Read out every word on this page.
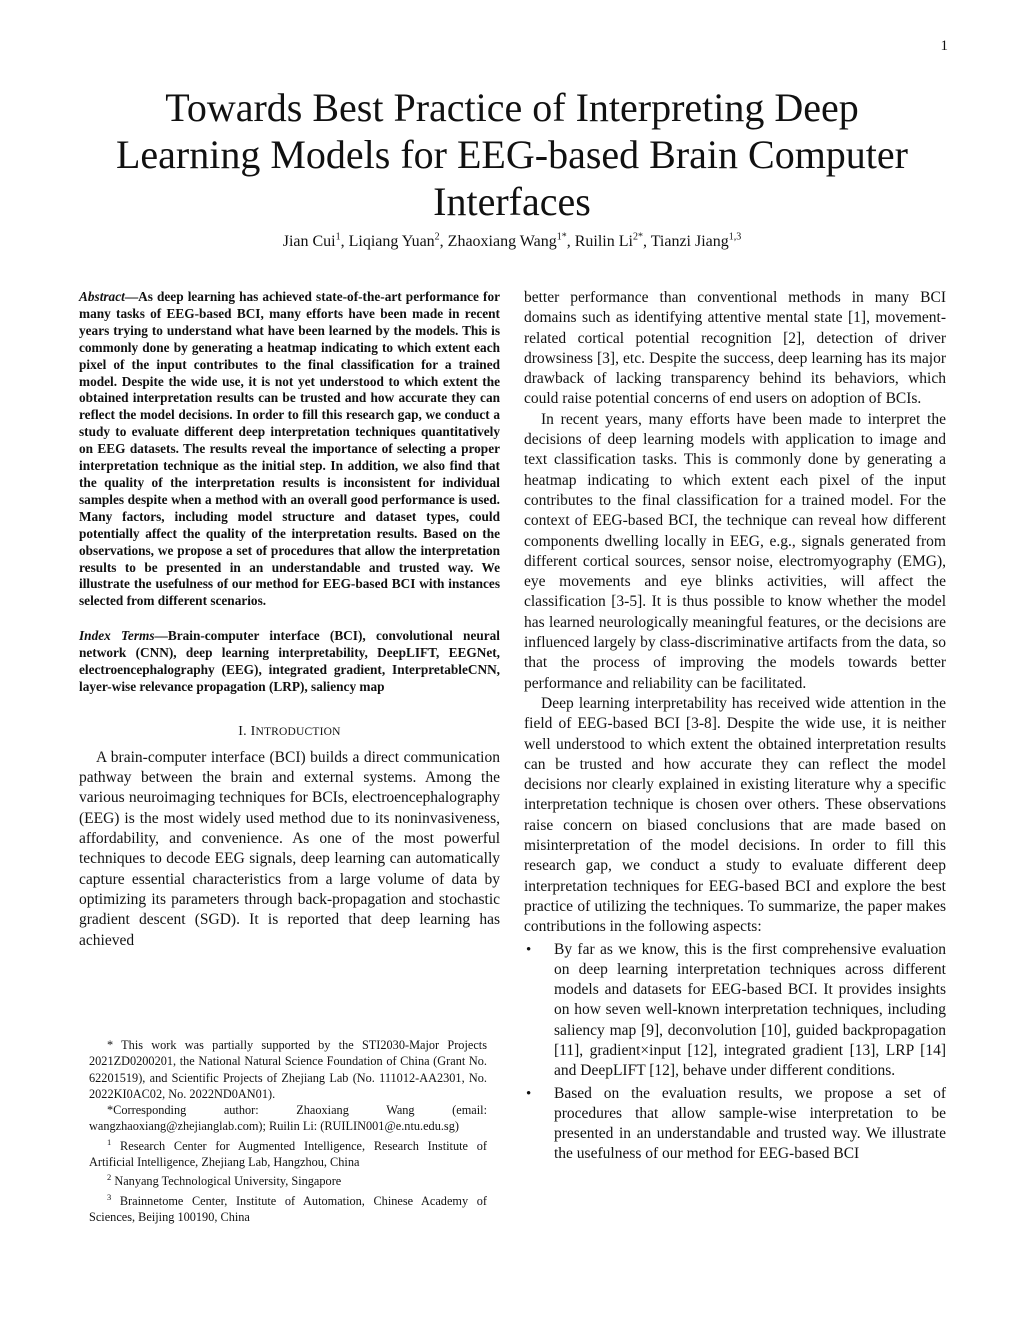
1
Towards Best Practice of Interpreting Deep
Learning Models for EEG-based Brain Computer
Interfaces
Jian Cui$^1$, Liqiang Yuan$^2$, Zhaoxiang Wang$^{1*}$, Ruilin $Li^{2*}$, Tianzi Jiang$^{1,3}$

Abstract—As deep learning has achieved state-of-the-art performance for many tasks of EEG-based BCI, many efforts have been made in recent years trying to understand what have been learned by the models. This is commonly done by generating a heatmap indicating to which extent each pixel of the input contributes to the final classification for a trained model. Despite the wide use, it is not yet understood to which extent the obtained interpretation results can be trusted and how accurate they can reflect the model decisions. In order to fill this research gap, we conduct a study to evaluate different deep interpretation techniques quantitatively on EEG datasets. The results reveal the importance of selecting a proper interpretation technique as the initial step. In addition, we also find that the quality of the interpretation results is inconsistent for individual samples despite when a method with an overall good performance is used. Many factors, including model structure and dataset types, could potentially affect the quality of the interpretation results. Based on the observations, we propose a set of procedures that allow the interpretation results to be presented in an understandable and trusted way. We illustrate the usefulness of our method for EEG-based BCI with instances selected from different scenarios.

Index Terms—Brain-computer interface (BCI), convolutional neural network (CNN), deep learning interpretability, DeepLIFT, EEGNet, electroencephalography (EEG), integrated gradient, InterpretableCNN, layer-wise relevance propagation (LRP), saliency map

I. INTRODUCTION

A brain-computer interface (BCI) builds a direct communication pathway between the brain and external systems. Among the various neuroimaging techniques for BCIs, electroencephalography (EEG) is the most widely used method due to its noninvasiveness, affordability, and convenience. As one of the most powerful techniques to decode EEG signals, deep learning can automatically capture essential characteristics from a large volume of data by optimizing its parameters through back-propagation and stochastic gradient descent (SGD). It is reported that deep learning has achieved

* This work was partially supported by the STI2030-Major Projects 2021ZD0200201, the National Natural Science Foundation of China (Grant No. 62201519), and Scientific Projects of Zhejiang Lab (No. 111012-AA2301, No. 2022KI0AC02, No. 2022ND0AN01).

*Corresponding author: Zhaoxiang Wang (email: wangzhaoxiang@zhejianglab.com); Ruilin Li: (RUILIN001@e.ntu.edu.sg)

$^1$ Research Center for Augmented Intelligence, Research Institute of Artificial Intelligence, Zhejiang Lab, Hangzhou, China

$^2$ Nanyang Technological University, Singapore

$^3$ Brainnetome Center, Institute of Automation, Chinese Academy of Sciences, Beijing 100190, China

better performance than conventional methods in many BCI domains such as identifying attentive mental state [1], movement-related cortical potential recognition [2], detection of driver drowsiness [3], etc. Despite the success, deep learning has its major drawback of lacking transparency behind its behaviors, which could raise potential concerns of end users on adoption of BCIs.

In recent years, many efforts have been made to interpret the decisions of deep learning models with application to image and text classification tasks. This is commonly done by generating a heatmap indicating to which extent each pixel of the input contributes to the final classification for a trained model. For the context of EEG-based BCI, the technique can reveal how different components dwelling locally in EEG, e.g., signals generated from different cortical sources, sensor noise, electromyography (EMG), eye movements and eye blinks activities, will affect the classification [3-5]. It is thus possible to know whether the model has learned neurologically meaningful features, or the decisions are influenced largely by class-discriminative artifacts from the data, so that the process of improving the models towards better performance and reliability can be facilitated.

Deep learning interpretability has received wide attention in the field of EEG-based BCI [3-8]. Despite the wide use, it is neither well understood to which extent the obtained interpretation results can be trusted and how accurate they can reflect the model decisions nor clearly explained in existing literature why a specific interpretation technique is chosen over others. These observations raise concern on biased conclusions that are made based on misinterpretation of the model decisions. In order to fill this research gap, we conduct a study to evaluate different deep interpretation techniques for EEG-based BCI and explore the best practice of utilizing the techniques. To summarize, the paper makes contributions in the following aspects:

• By far as we know, this is the first comprehensive evaluation on deep learning interpretation techniques across different models and datasets for EEG-based BCI. It provides insights on how seven well-known interpretation techniques, including saliency map [9], deconvolution [10], guided backpropagation [11], gradient×input [12], integrated gradient [13], LRP [14] and DeepLIFT [12], behave under different conditions.
• Based on the evaluation results, we propose a set of procedures that allow sample-wise interpretation to be presented in an understandable and trusted way. We illustrate the usefulness of our method for EEG-based BCI
